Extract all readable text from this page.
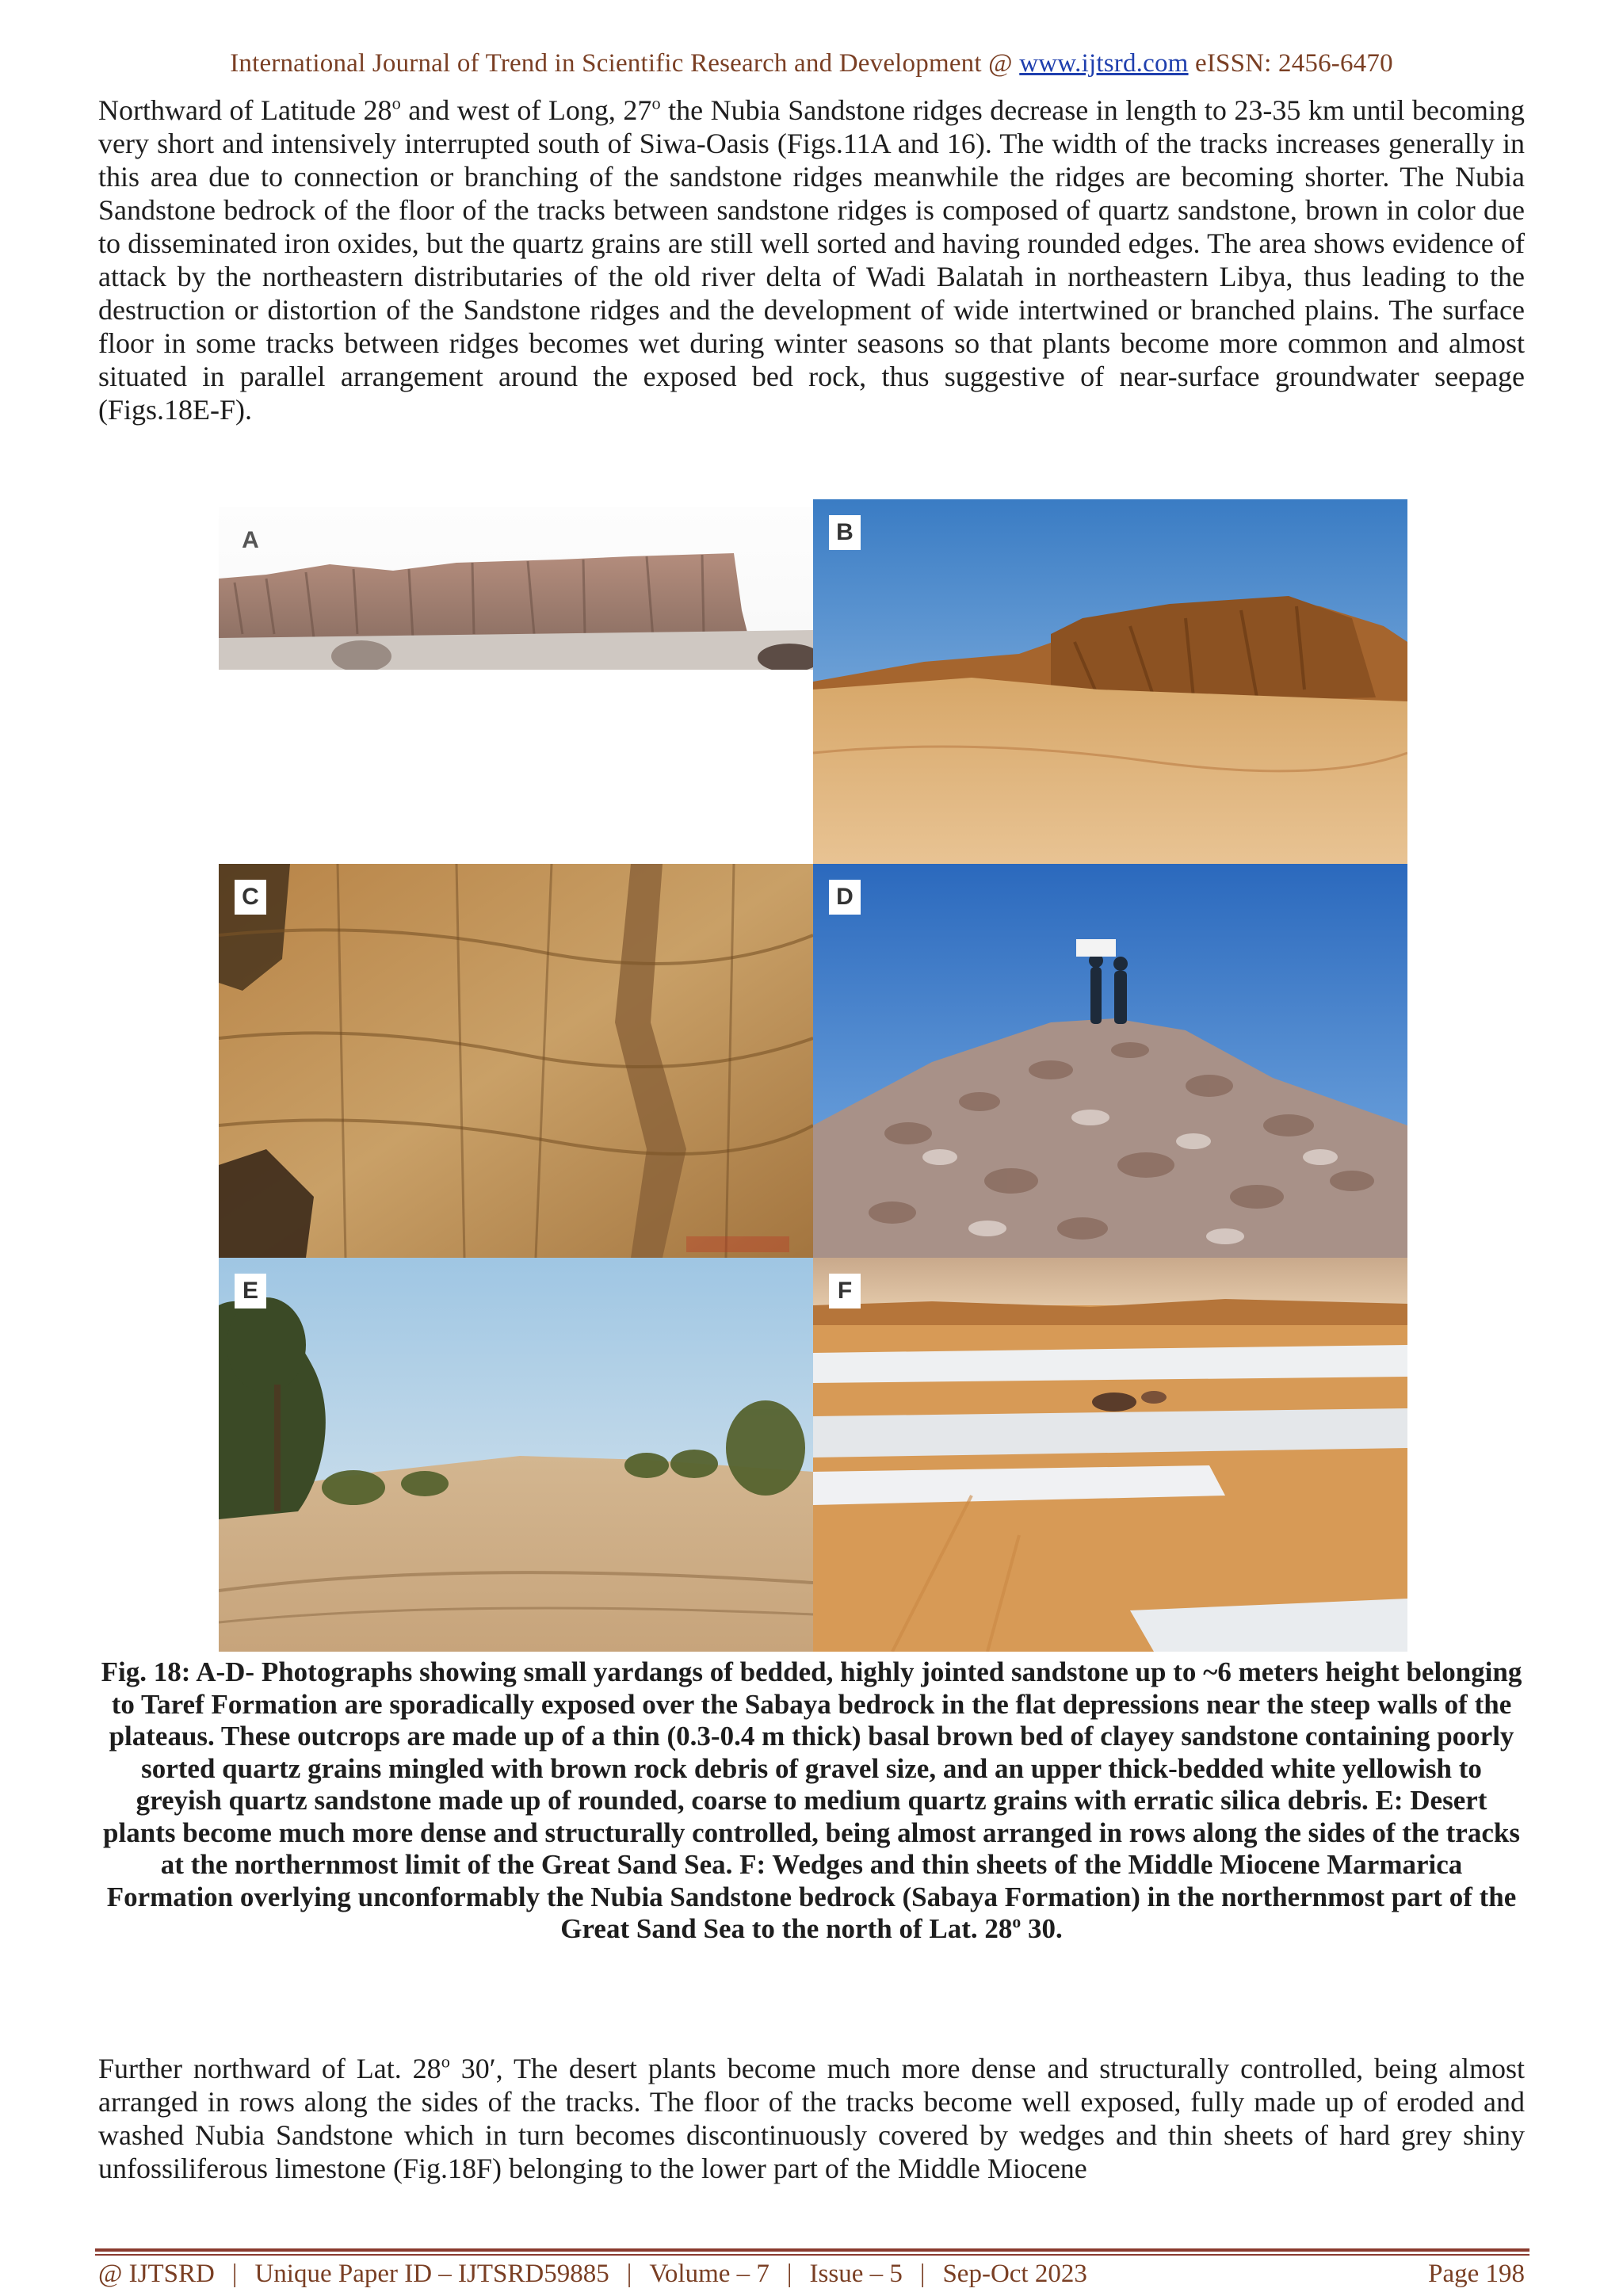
International Journal of Trend in Scientific Research and Development @ www.ijtsrd.com eISSN: 2456-6470

Northward of Latitude 28$^o$ and west of Long, 27$^o$ the Nubia Sandstone ridges decrease in length to 23-35 km until becoming very short and intensively interrupted south of Siwa-Oasis (Figs.11A and 16). The width of the tracks increases generally in this area due to connection or branching of the sandstone ridges meanwhile the ridges are becoming shorter. The Nubia Sandstone bedrock of the floor of the tracks between sandstone ridges is composed of quartz sandstone, brown in color due to disseminated iron oxides, but the quartz grains are still well sorted and having rounded edges. The area shows evidence of attack by the northeastern distributaries of the old river delta of Wadi Balatah in northeastern Libya, thus leading to the destruction or distortion of the Sandstone ridges and the development of wide intertwined or branched plains. The surface floor in some tracks between ridges becomes wet during winter seasons so that plants become more common and almost situated in parallel arrangement around the exposed bed rock, thus suggestive of near-surface groundwater seepage (Figs.18E-F).

A	B
C	D
E	F

Fig. 18: A-D- Photographs showing small yardangs of bedded, highly jointed sandstone up to ~6 meters height belonging to Taref Formation are sporadically exposed over the Sabaya bedrock in the flat depressions near the steep walls of the plateaus. These outcrops are made up of a thin (0.3-0.4 m thick) basal brown bed of clayey sandstone containing poorly sorted quartz grains mingled with brown rock debris of gravel size, and an upper thick-bedded white yellowish to greyish quartz sandstone made up of rounded, coarse to medium quartz grains with erratic silica debris. E: Desert plants become much more dense and structurally controlled, being almost arranged in rows along the sides of the tracks at the northernmost limit of the Great Sand Sea. F: Wedges and thin sheets of the Middle Miocene Marmarica Formation overlying unconformably the Nubia Sandstone bedrock (Sabaya Formation) in the northernmost part of the Great Sand Sea to the north of Lat. 28$^o$ 30.

Further northward of Lat. 28$^o$ 30′, The desert plants become much more dense and structurally controlled, being almost arranged in rows along the sides of the tracks. The floor of the tracks become well exposed, fully made up of eroded and washed Nubia Sandstone which in turn becomes discontinuously covered by wedges and thin sheets of hard grey shiny unfossiliferous limestone (Fig.18F) belonging to the lower part of the Middle Miocene

@ IJTSRD | Unique Paper ID – IJTSRD59885 | Volume – 7 | Issue – 5 | Sep-Oct 2023	Page 198
